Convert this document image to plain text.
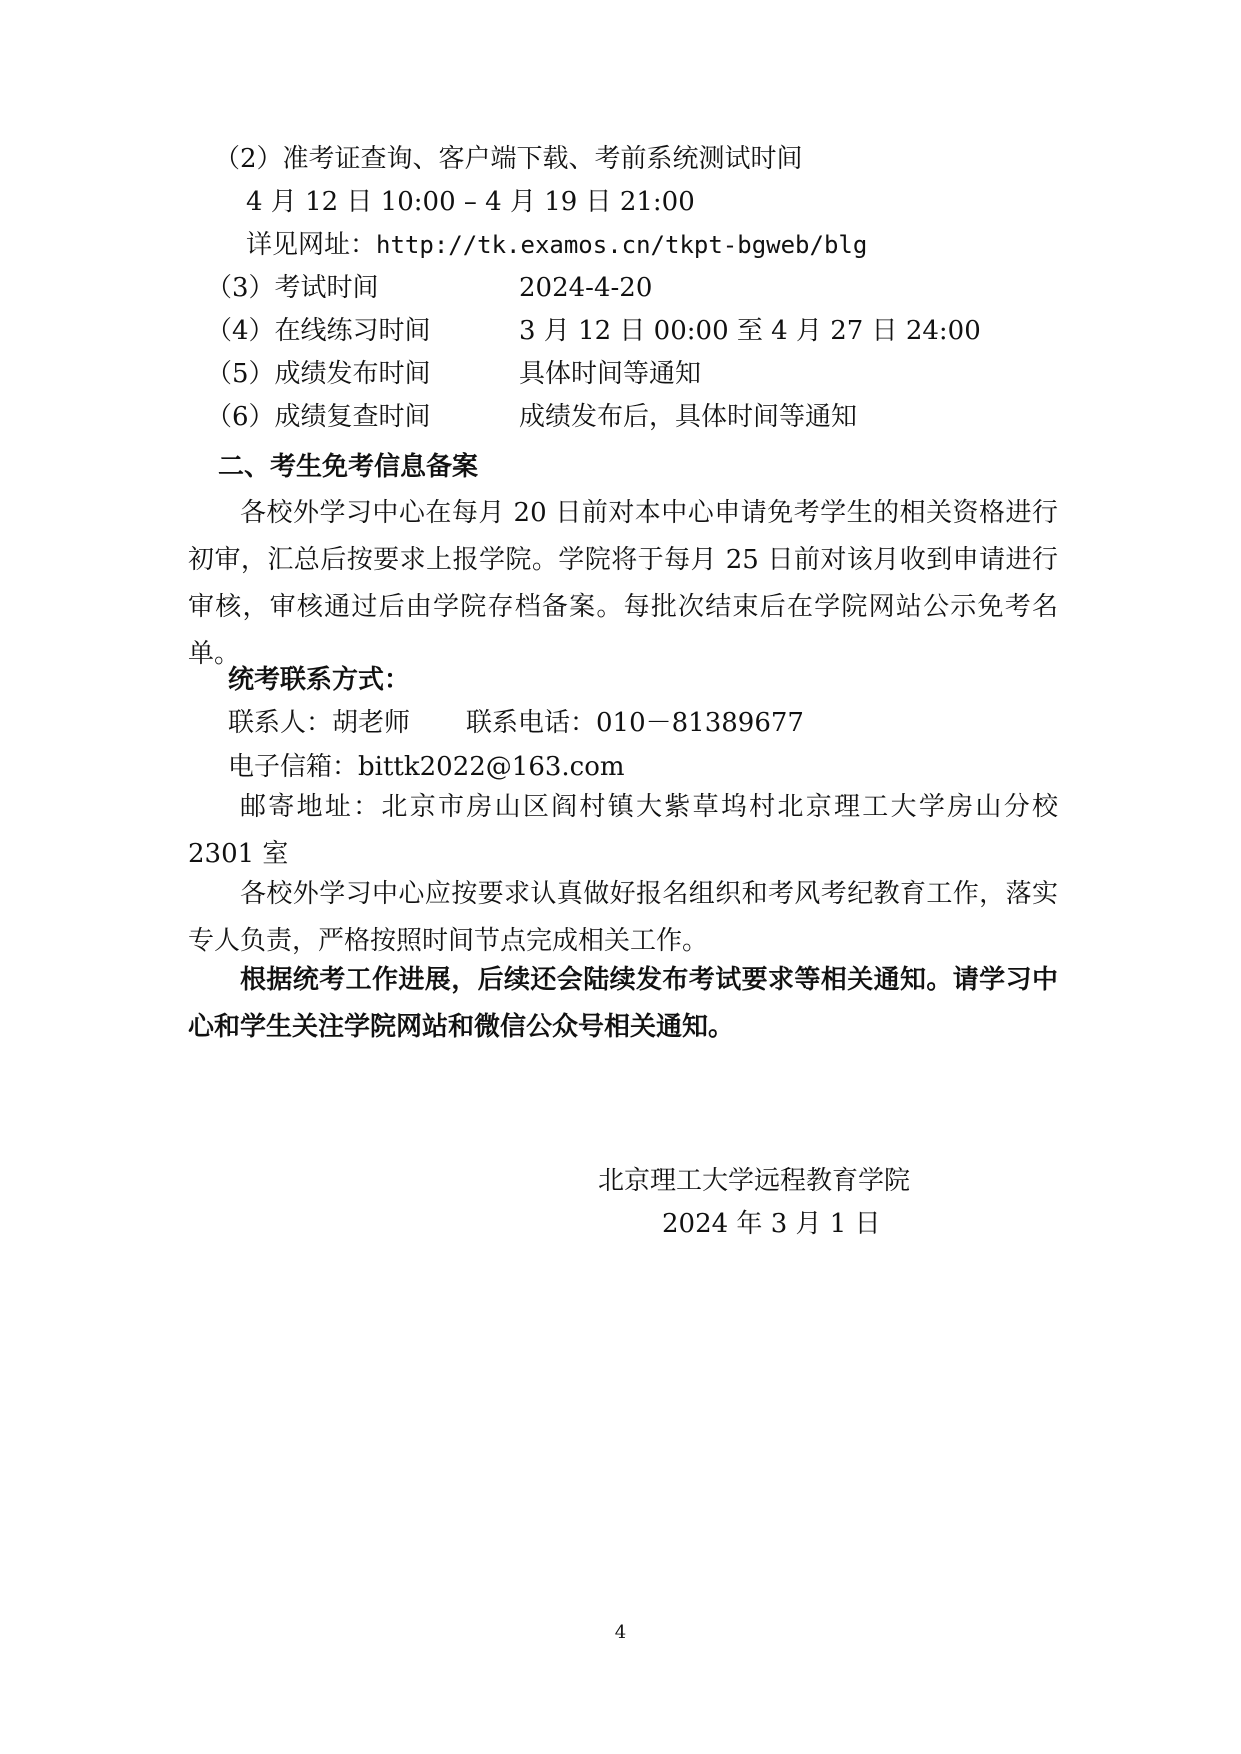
（2）准考证查询、客户端下载、考前系统测试时间
4 月 12 日 10:00 – 4 月 19 日 21:00
详见网址：http://tk.examos.cn/tkpt-bgweb/blg
（3）考试时间	2024-4-20
（4）在线练习时间	3 月 12 日 00:00 至 4 月 27 日 24:00
（5）成绩发布时间	具体时间等通知
（6）成绩复查时间	成绩发布后，具体时间等通知
二、考生免考信息备案
各校外学习中心在每月 20 日前对本中心申请免考学生的相关资格进行初审，汇总后按要求上报学院。学院将于每月 25 日前对该月收到申请进行审核，审核通过后由学院存档备案。每批次结束后在学院网站公示免考名单。
统考联系方式：
联系人：胡老师 联系电话：010－81389677
电子信箱：bittk2022@163.com
邮寄地址：北京市房山区阎村镇大紫草坞村北京理工大学房山分校 2301 室
各校外学习中心应按要求认真做好报名组织和考风考纪教育工作，落实专人负责，严格按照时间节点完成相关工作。
根据统考工作进展，后续还会陆续发布考试要求等相关通知。请学习中心和学生关注学院网站和微信公众号相关通知。
北京理工大学远程教育学院
2024 年 3 月 1 日
4
